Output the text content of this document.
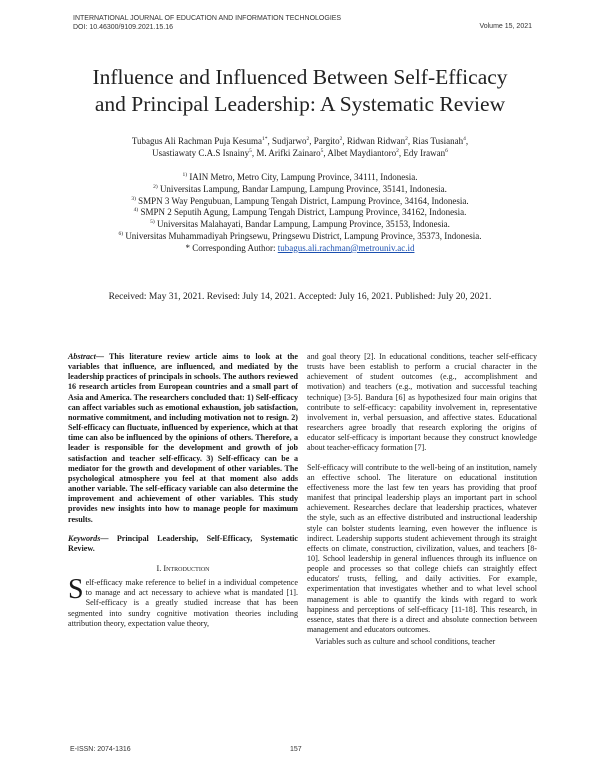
INTERNATIONAL JOURNAL OF EDUCATION AND INFORMATION TECHNOLOGIES
DOI: 10.46300/9109.2021.15.16	Volume 15, 2021
Influence and Influenced Between Self-Efficacy
and Principal Leadership: A Systematic Review
Tubagus Ali Rachman Puja Kesuma$^{1*}$, Sudjarwo$^2$, Pargito$^2$, Ridwan Ridwan$^2$, Rias Tusianah$^4$,
Usastiawaty C.A.S Isnainy$^5$, M. Arifki Zainaro$^5$, Albet Maydiantoro$^2$, Edy Irawan$^6$
$^{1)}$ IAIN Metro, Metro City, Lampung Province, 34111, Indonesia.
$^{2)}$ Universitas Lampung, Bandar Lampung, Lampung Province, 35141, Indonesia.
$^{3)}$ SMPN 3 Way Pengubuan, Lampung Tengah District, Lampung Province, 34164, Indonesia.
$^{4)}$ SMPN 2 Seputih Agung, Lampung Tengah District, Lampung Province, 34162, Indonesia.
$^{5)}$ Universitas Malahayati, Bandar Lampung, Lampung Province, 35153, Indonesia.
$^{6)}$ Universitas Muhammadiyah Pringsewu, Pringsewu District, Lampung Province, 35373, Indonesia.
* Corresponding Author: tubagus.ali.rachman@metrouniv.ac.id
Received: May 31, 2021. Revised: July 14, 2021. Accepted: July 16, 2021. Published: July 20, 2021.

Abstract— This literature review article aims to look at the variables that influence, are influenced, and mediated by the leadership practices of principals in schools. The authors reviewed 16 research articles from European countries and a small part of Asia and America. The researchers concluded that: 1) Self-efficacy can affect variables such as emotional exhaustion, job satisfaction, normative commitment, and including motivation not to resign. 2) Self-efficacy can fluctuate, influenced by experience, which at that time can also be influenced by the opinions of others. Therefore, a leader is responsible for the development and growth of job satisfaction and teacher self-efficacy. 3) Self-efficacy can be a mediator for the growth and development of other variables. The psychological atmosphere you feel at that moment also adds another variable. The self-efficacy variable can also determine the improvement and achievement of other variables. This study provides new insights into how to manage people for maximum results.

Keywords— Principal Leadership, Self-Efficacy, Systematic Review.

I. Introduction

Self-efficacy make reference to belief in a individual competence to manage and act necessary to achieve what is mandated [1]. Self-efficacy is a greatly studied increase that has been segmented into sundry cognitive motivation theories including attribution theory, expectation value theory,

and goal theory [2]. In educational conditions, teacher self-efficacy trusts have been establish to perform a crucial character in the achievement of student outcomes (e.g., accomplishment and motivation) and teachers (e.g., motivation and successful teaching technique) [3-5]. Bandura [6] as hypothesized four main origins that contribute to self-efficacy: capability involvement in, representative involvement in, verbal persuasion, and affective states. Educational researchers agree broadly that research exploring the origins of educator self-efficacy is important because they construct knowledge about teacher-efficacy formation [7].

Self-efficacy will contribute to the well-being of an institution, namely an effective school. The literature on educational institution effectiveness more the last few ten years has providing that proof manifest that principal leadership plays an important part in school achievement. Researches declare that leadership practices, whatever the style, such as an effective distributed and instructional leadership style can bolster students learning, even however the influence is indirect. Leadership supports student achievement through its straight effects on climate, construction, civilization, values, and teachers [8-10]. School leadership in general influences through its influence on people and processes so that college chiefs can straightly effect educators' trusts, felling, and daily activities. For example, experimentation that investigates whether and to what level school management is able to quantify the kinds with regard to work happiness and perceptions of self-efficacy [11-18]. This research, in essence, states that there is a direct and absolute connection between management and educators outcomes.

Variables such as culture and school conditions, teacher

E-ISSN: 2074-1316	157
